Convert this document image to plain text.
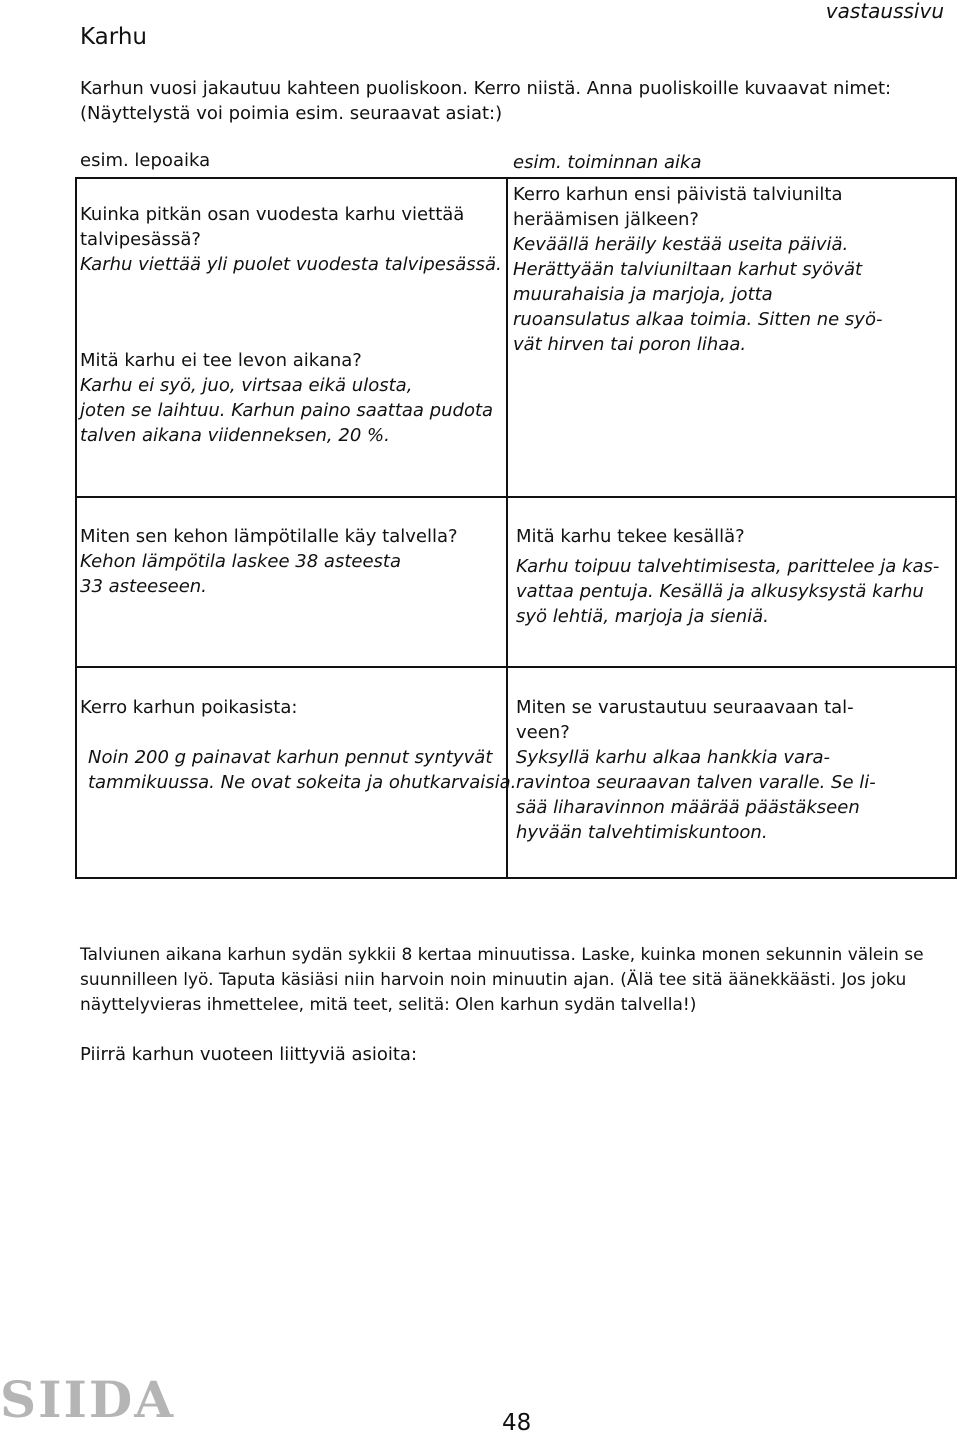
Karhu
vastaussivu
Karhun vuosi jakautuu kahteen puoliskoon. Kerro niistä. Anna puoliskoille kuvaavat nimet:
(Näyttelystä voi poimia esim. seuraavat asiat:)
esim. lepoaika	esim. toiminnan aika
Kuinka pitkän osan vuodesta karhu viettää
talvipesässä?
Karhu viettää yli puolet vuodesta talvipesässä.
Mitä karhu ei tee levon aikana?
Karhu ei syö, juo, virtsaa eikä ulosta,
joten se laihtuu. Karhun paino saattaa pudota
talven aikana viidenneksen, 20 %.
Kerro karhun ensi päivistä talviunilta
heräämisen jälkeen?
Keväällä heräily kestää useita päiviä.
Herättyään talviuniltaan karhut syövät
muurahaisia ja marjoja, jotta
ruoansulatus alkaa toimia. Sitten ne syö-
vät hirven tai poron lihaa.
Miten sen kehon lämpötilalle käy talvella?
Kehon lämpötila laskee 38 asteesta
33 asteeseen.
Mitä karhu tekee kesällä?
Karhu toipuu talvehtimisesta, parittelee ja kas-
vattaa pentuja. Kesällä ja alkusyksystä karhu
syö lehtiä, marjoja ja sieniä.
Kerro karhun poikasista:
Noin 200 g painavat karhun pennut syntyvät
tammikuussa. Ne ovat sokeita ja ohutkarvaisia.
Miten se varustautuu seuraavaan tal-
veen?
Syksyllä karhu alkaa hankkia vara-
ravintoa seuraavan talven varalle. Se li-
sää liharavinnon määrää päästäkseen
hyvään talvehtimiskuntoon.
Talviunen aikana karhun sydän sykkii 8 kertaa minuutissa. Laske, kuinka monen sekunnin välein se
suunnilleen lyö. Taputa käsiäsi niin harvoin noin minuutin ajan. (Älä tee sitä äänekkäästi. Jos joku
näyttelyvieras ihmettelee, mitä teet, selitä: Olen karhun sydän talvella!)
Piirrä karhun vuoteen liittyviä asioita:
SIIDA	48
